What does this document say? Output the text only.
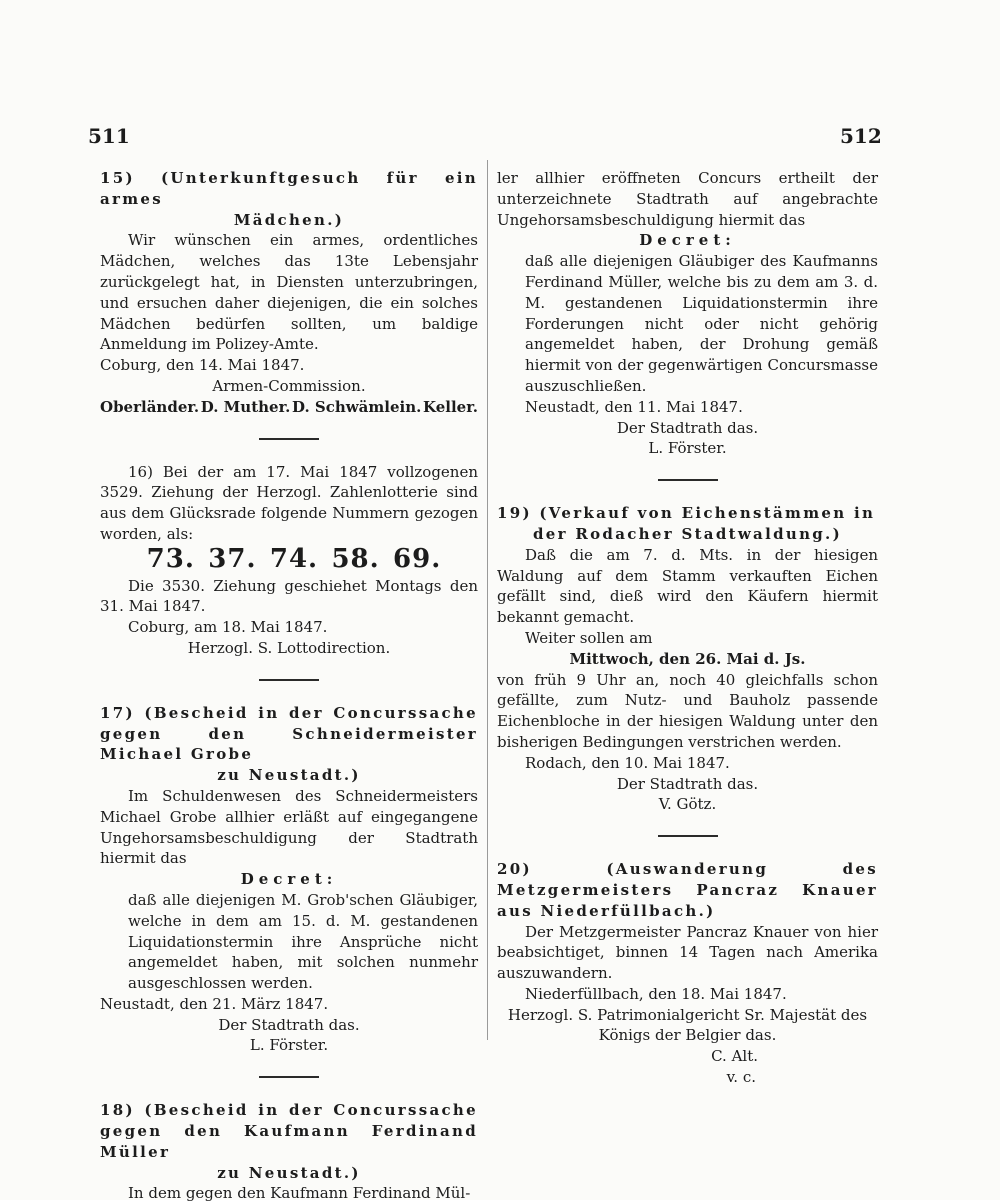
511	512
15) (Unterkunftgesuch für ein armes
Mädchen.)

Wir wünschen ein armes, ordentliches Mädchen, welches das 13te Lebensjahr zurückgelegt hat, in Diensten unterzubringen, und ersuchen daher diejenigen, die ein solches Mädchen bedürfen sollten, um baldige Anmeldung im Polizey-Amte.

Coburg, den 14. Mai 1847.
Armen-Commission.
Oberländer. D. Muther. D. Schwämlein. Keller.

16) Bei der am 17. Mai 1847 vollzogenen 3529. Ziehung der Herzogl. Zahlenlotterie sind aus dem Glücksrade folgende Nummern gezogen worden, als:

73. 37. 74. 58. 69.

Die 3530. Ziehung geschiehet Montags den 31. Mai 1847.

Coburg, am 18. Mai 1847.
Herzogl. S. Lottodirection.
17) (Bescheid in der Concurssache gegen den Schneidermeister Michael Grobe
zu Neustadt.)

Im Schuldenwesen des Schneidermeisters Michael Grobe allhier erläßt auf eingegangene Ungehorsamsbeschuldigung der Stadtrath hiermit das

Decret:

daß alle diejenigen M. Grob'schen Gläubiger, welche in dem am 15. d. M. gestandenen Liquidationstermin ihre Ansprüche nicht angemeldet haben, mit solchen nunmehr ausgeschlossen werden.

Neustadt, den 21. März 1847.
Der Stadtrath das.
L. Förster.
18) (Bescheid in der Concurssache gegen den Kaufmann Ferdinand Müller
zu Neustadt.)

In dem gegen den Kaufmann Ferdinand Mül-

ler allhier eröffneten Concurs ertheilt der unterzeichnete Stadtrath auf angebrachte Ungehorsamsbeschuldigung hiermit das

Decret:

daß alle diejenigen Gläubiger des Kaufmanns Ferdinand Müller, welche bis zu dem am 3. d. M. gestandenen Liquidationstermin ihre Forderungen nicht oder nicht gehörig angemeldet haben, der Drohung gemäß hiermit von der gegenwärtigen Concursmasse auszuschließen.

Neustadt, den 11. Mai 1847.
Der Stadtrath das.
L. Förster.
19) (Verkauf von Eichenstämmen in
der Rodacher Stadtwaldung.)

Daß die am 7. d. Mts. in der hiesigen Waldung auf dem Stamm verkauften Eichen gefällt sind, dieß wird den Käufern hiermit bekannt gemacht.

Weiter sollen am

Mittwoch, den 26. Mai d. Js.

von früh 9 Uhr an, noch 40 gleichfalls schon gefällte, zum Nutz- und Bauholz passende Eichenbloche in der hiesigen Waldung unter den bisherigen Bedingungen verstrichen werden.

Rodach, den 10. Mai 1847.
Der Stadtrath das.
V. Götz.
20) (Auswanderung des Metzgermeisters Pancraz Knauer aus Niederfüllbach.)

Der Metzgermeister Pancraz Knauer von hier beabsichtiget, binnen 14 Tagen nach Amerika auszuwandern.

Niederfüllbach, den 18. Mai 1847.

Herzogl. S. Patrimonialgericht Sr. Majestät des Königs der Belgier das.

C. Alt.
v. c.
